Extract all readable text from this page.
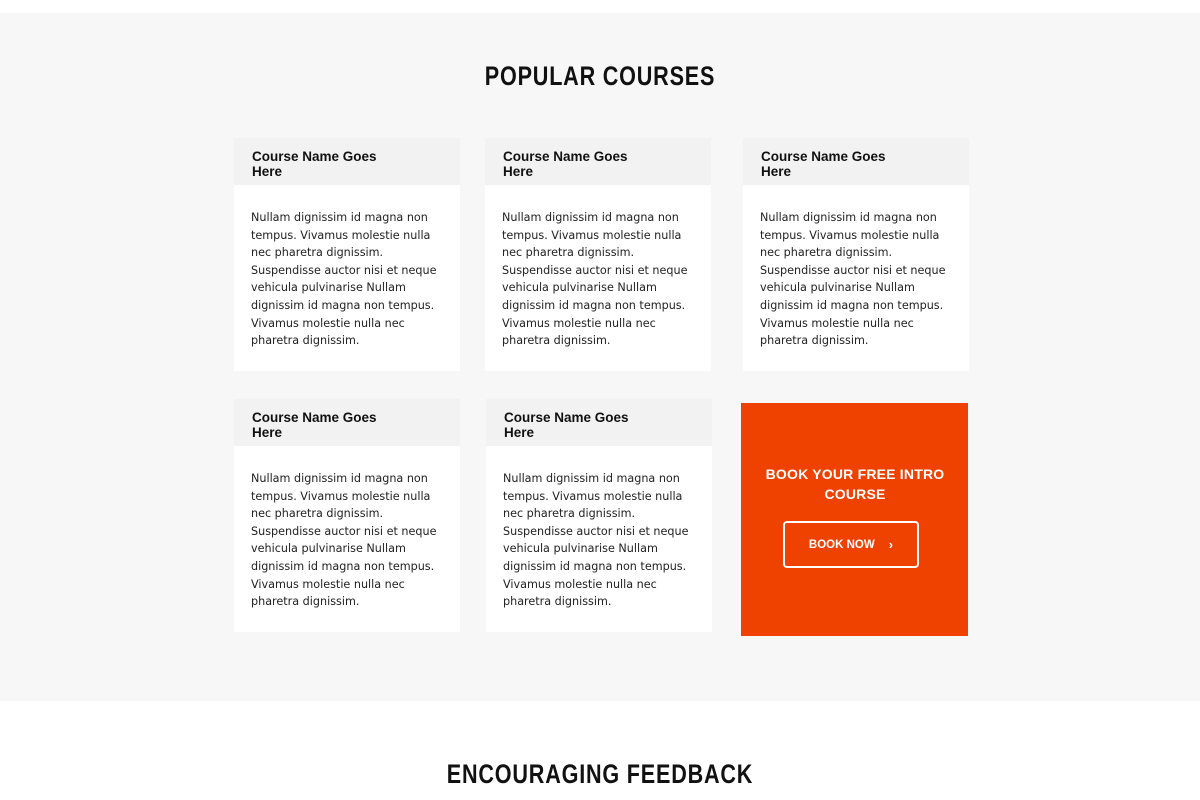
POPULAR COURSES
Course Name Goes
Here
Nullam dignissim id magna non
tempus. Vivamus molestie nulla
nec pharetra dignissim.
Suspendisse auctor nisi et neque
vehicula pulvinarise Nullam
dignissim id magna non tempus.
Vivamus molestie nulla nec
pharetra dignissim.
Course Name Goes
Here
Nullam dignissim id magna non
tempus. Vivamus molestie nulla
nec pharetra dignissim.
Suspendisse auctor nisi et neque
vehicula pulvinarise Nullam
dignissim id magna non tempus.
Vivamus molestie nulla nec
pharetra dignissim.
Course Name Goes
Here
Nullam dignissim id magna non
tempus. Vivamus molestie nulla
nec pharetra dignissim.
Suspendisse auctor nisi et neque
vehicula pulvinarise Nullam
dignissim id magna non tempus.
Vivamus molestie nulla nec
pharetra dignissim.
Course Name Goes
Here
Nullam dignissim id magna non
tempus. Vivamus molestie nulla
nec pharetra dignissim.
Suspendisse auctor nisi et neque
vehicula pulvinarise Nullam
dignissim id magna non tempus.
Vivamus molestie nulla nec
pharetra dignissim.
Course Name Goes
Here
Nullam dignissim id magna non
tempus. Vivamus molestie nulla
nec pharetra dignissim.
Suspendisse auctor nisi et neque
vehicula pulvinarise Nullam
dignissim id magna non tempus.
Vivamus molestie nulla nec
pharetra dignissim.
BOOK YOUR FREE INTRO
COURSE
BOOK NOW ›
ENCOURAGING FEEDBACK
